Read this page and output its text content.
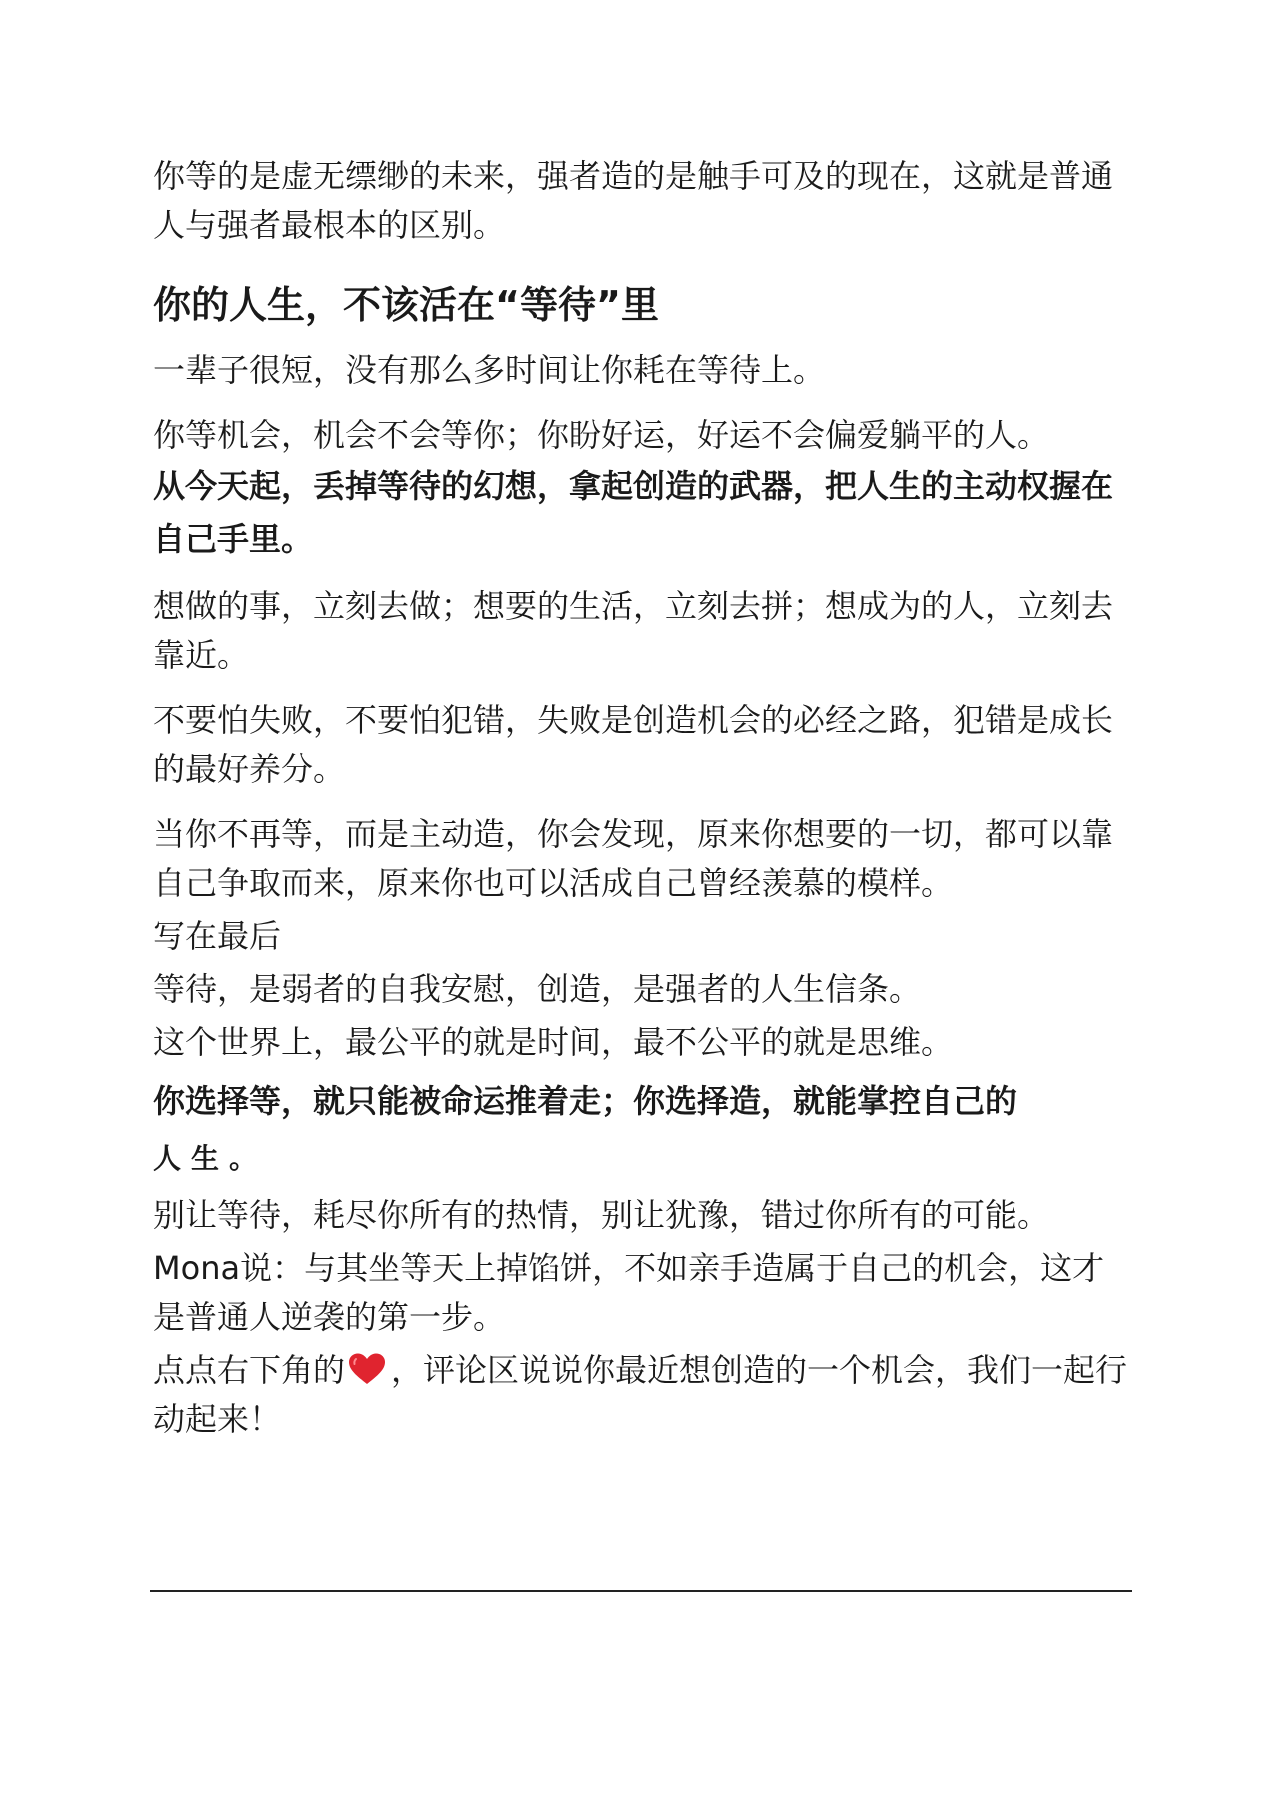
你等的是虚无缥缈的未来，强者造的是触手可及的现在，这就是普通人与强者最根本的区别。

你的人生，不该活在“等待”里

一辈子很短，没有那么多时间让你耗在等待上。

你等机会，机会不会等你；你盼好运，好运不会偏爱躺平的人。

从今天起，丢掉等待的幻想，拿起创造的武器，把人生的主动权握在自己手里。

想做的事，立刻去做；想要的生活，立刻去拼；想成为的人，立刻去靠近。

不要怕失败，不要怕犯错，失败是创造机会的必经之路，犯错是成长的最好养分。

当你不再等，而是主动造，你会发现，原来你想要的一切，都可以靠自己争取而来，原来你也可以活成自己曾经羡慕的模样。

写在最后

等待，是弱者的自我安慰，创造，是强者的人生信条。

这个世界上，最公平的就是时间，最不公平的就是思维。

你选择等，就只能被命运推着走；你选择造，就能掌控自己的

人生。

别让等待，耗尽你所有的热情，别让犹豫，错过你所有的可能。

Mona说：与其坐等天上掉馅饼，不如亲手造属于自己的机会，这才是普通人逆袭的第一步。

点点右下角的 ，评论区说说你最近想创造的一个机会，我们一起行动起来！
